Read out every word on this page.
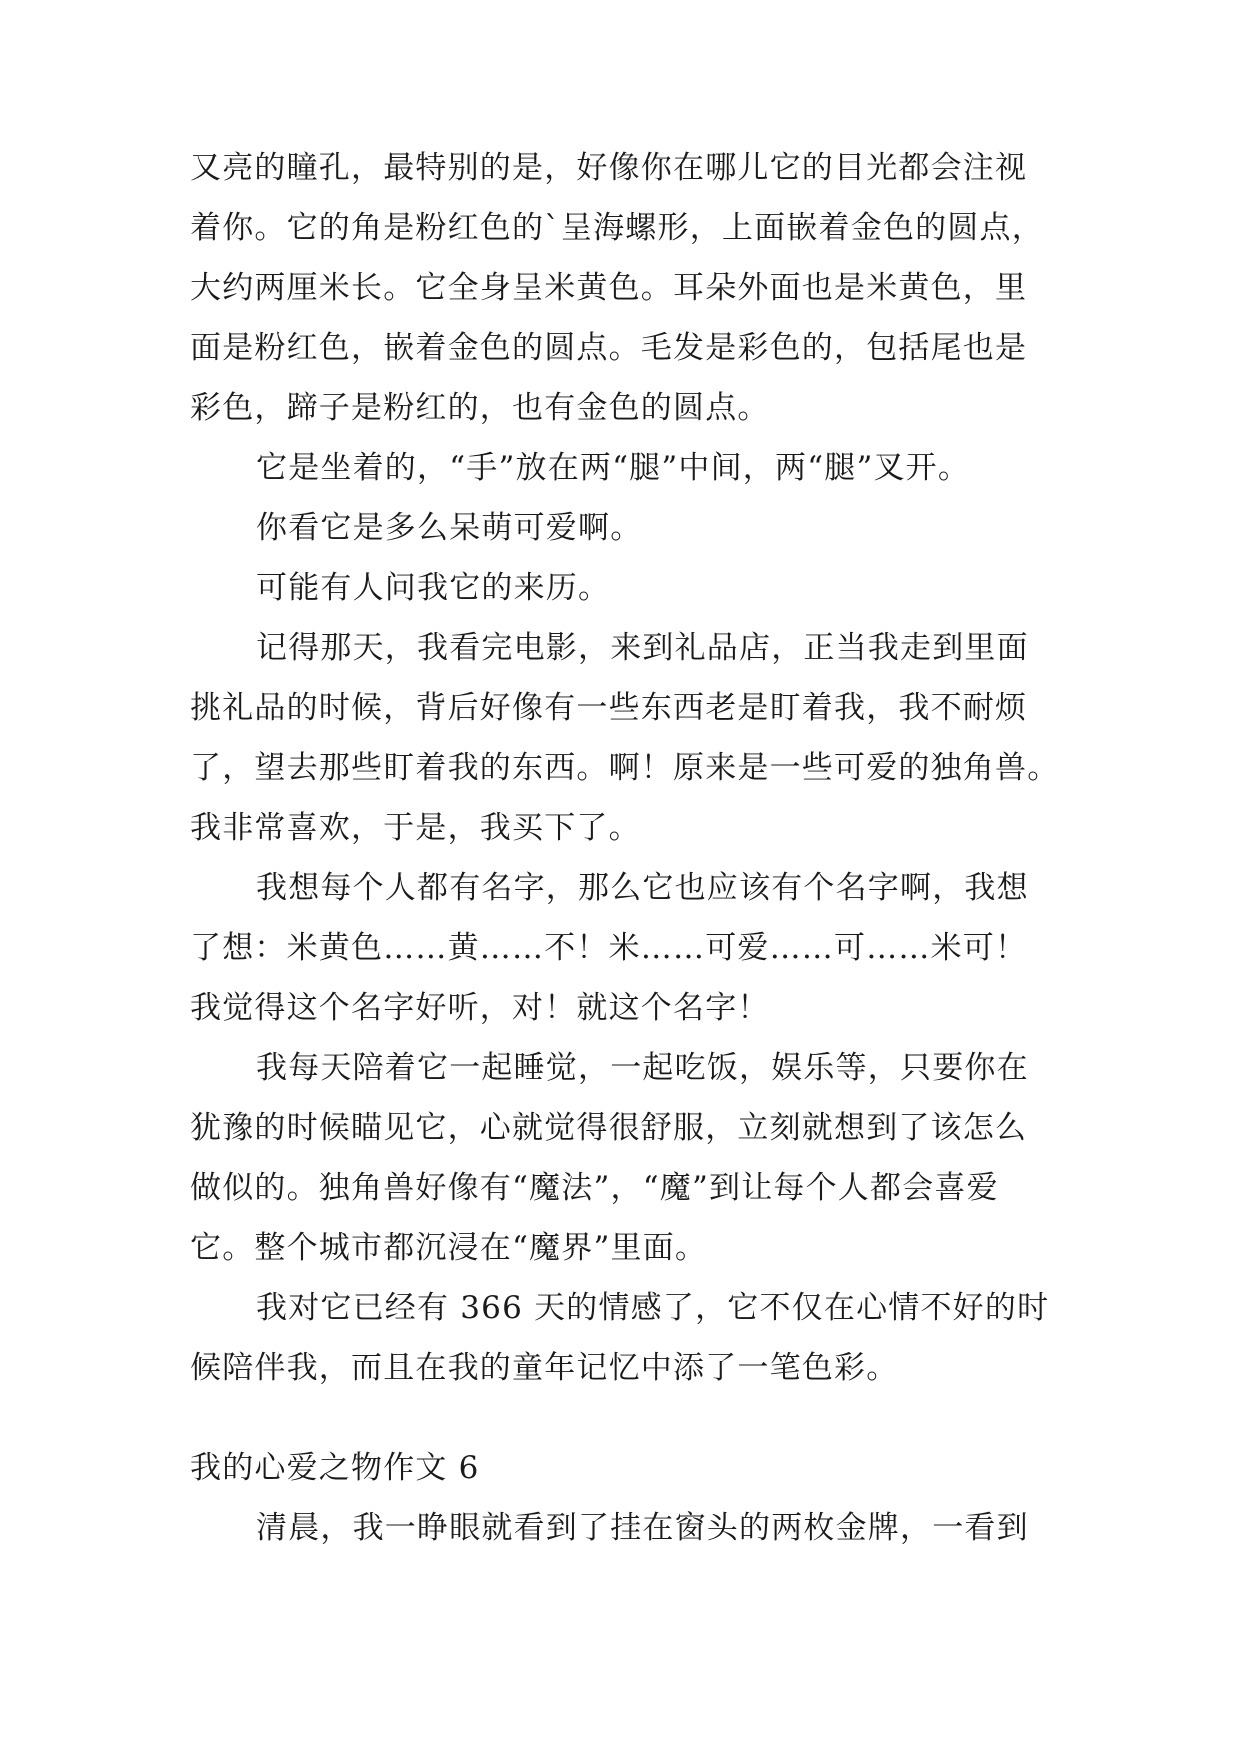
又亮的瞳孔，最特别的是，好像你在哪儿它的目光都会注视
着你。它的角是粉红色的`呈海螺形，上面嵌着金色的圆点，
大约两厘米长。它全身呈米黄色。耳朵外面也是米黄色，里
面是粉红色，嵌着金色的圆点。毛发是彩色的，包括尾也是
彩色，蹄子是粉红的，也有金色的圆点。
它是坐着的，“手”放在两“腿”中间，两“腿”叉开。
你看它是多么呆萌可爱啊。
可能有人问我它的来历。
记得那天，我看完电影，来到礼品店，正当我走到里面
挑礼品的时候，背后好像有一些东西老是盯着我，我不耐烦
了，望去那些盯着我的东西。啊！原来是一些可爱的独角兽。
我非常喜欢，于是，我买下了。
我想每个人都有名字，那么它也应该有个名字啊，我想
了想：米黄色……黄……不！米……可爱……可……米可！
我觉得这个名字好听，对！就这个名字！
我每天陪着它一起睡觉，一起吃饭，娱乐等，只要你在
犹豫的时候瞄见它，心就觉得很舒服，立刻就想到了该怎么
做似的。独角兽好像有“魔法”，“魔”到让每个人都会喜爱
它。整个城市都沉浸在“魔界”里面。
我对它已经有 366 天的情感了，它不仅在心情不好的时
候陪伴我，而且在我的童年记忆中添了一笔色彩。
我的心爱之物作文 6
清晨，我一睁眼就看到了挂在窗头的两枚金牌，一看到
